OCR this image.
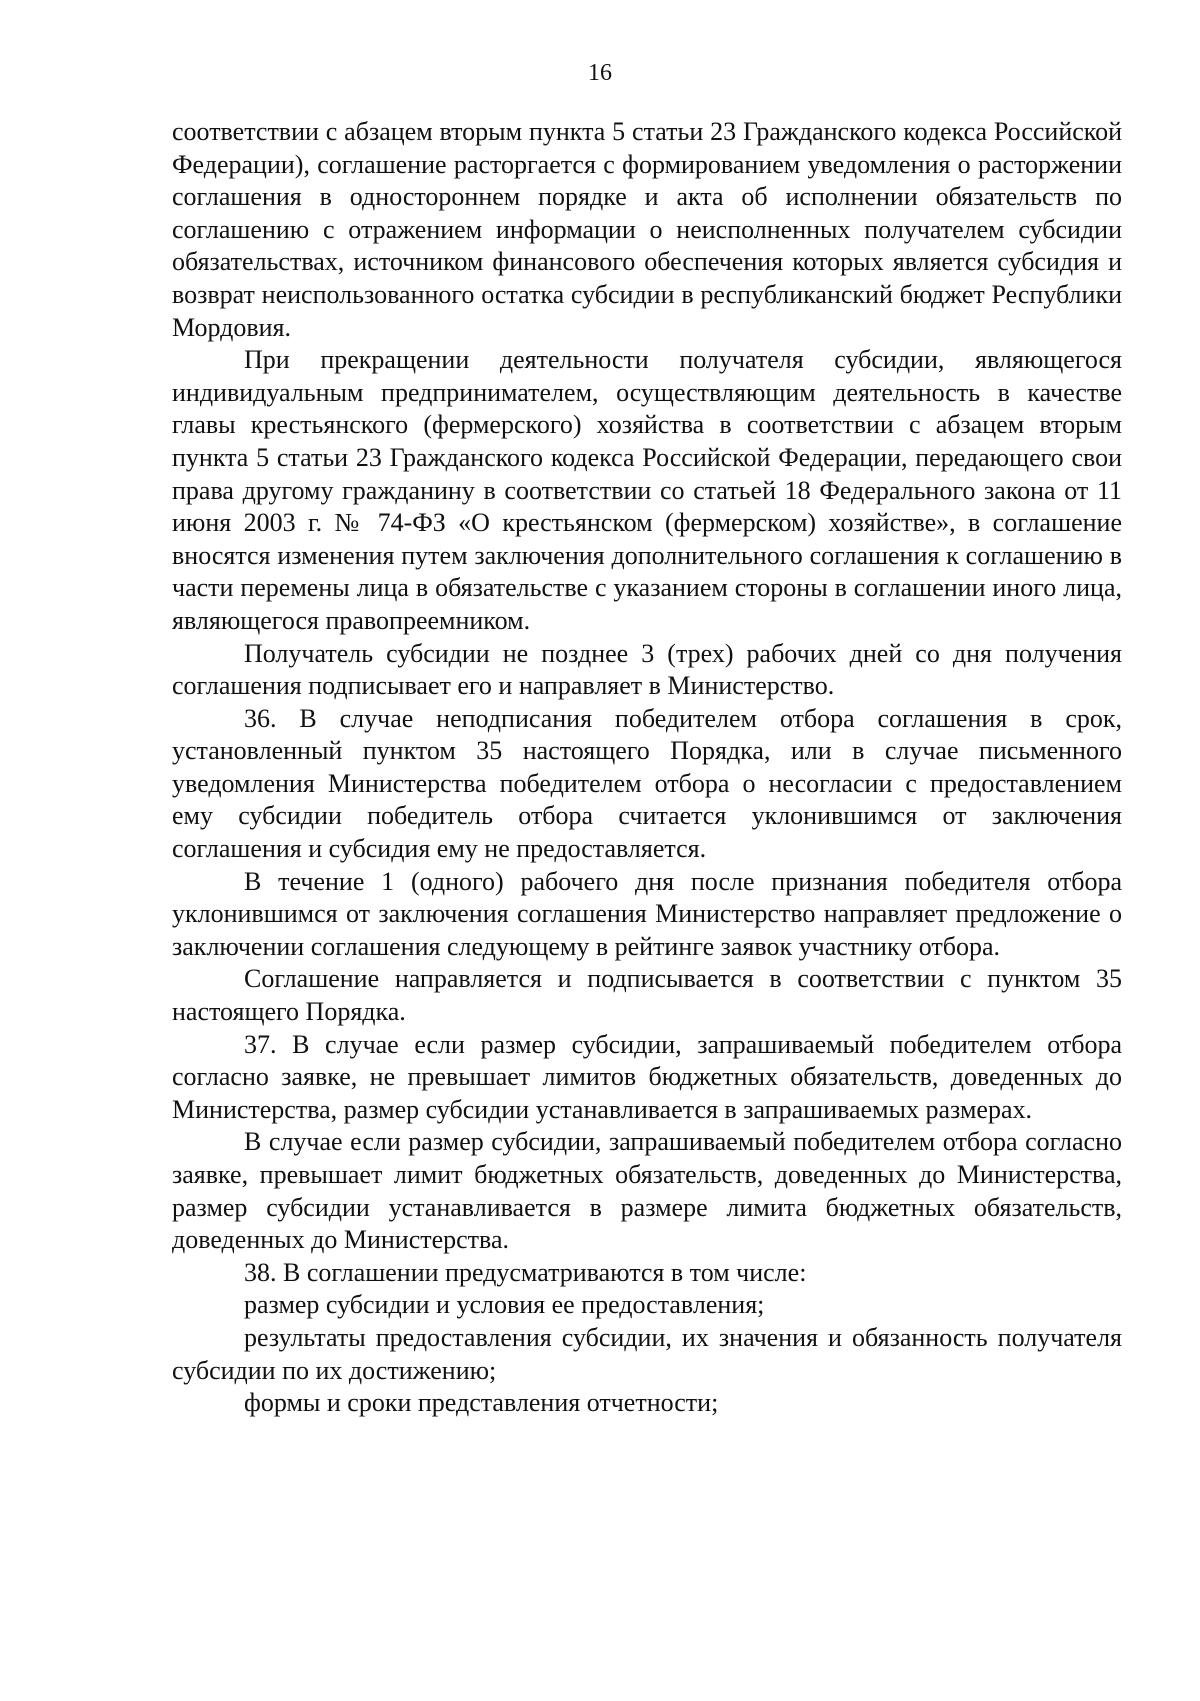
16

соответствии с абзацем вторым пункта 5 статьи 23 Гражданского кодекса Российской Федерации), соглашение расторгается с формированием уведомления о расторжении соглашения в одностороннем порядке и акта об исполнении обязательств по соглашению с отражением информации о неисполненных получателем субсидии обязательствах, источником финансового обеспечения которых является субсидия и возврат неиспользованного остатка субсидии в республиканский бюджет Республики Мордовия.

При прекращении деятельности получателя субсидии, являющегося индивидуальным предпринимателем, осуществляющим деятельность в качестве главы крестьянского (фермерского) хозяйства в соответствии с абзацем вторым пункта 5 статьи 23 Гражданского кодекса Российской Федерации, передающего свои права другому гражданину в соответствии со статьей 18 Федерального закона от 11 июня 2003 г. № 74-ФЗ «О крестьянском (фермерском) хозяйстве», в соглашение вносятся изменения путем заключения дополнительного соглашения к соглашению в части перемены лица в обязательстве с указанием стороны в соглашении иного лица, являющегося правопреемником.

Получатель субсидии не позднее 3 (трех) рабочих дней со дня получения соглашения подписывает его и направляет в Министерство.

36. В случае неподписания победителем отбора соглашения в срок, установленный пунктом 35 настоящего Порядка, или в случае письменного уведомления Министерства победителем отбора о несогласии с предоставлением ему субсидии победитель отбора считается уклонившимся от заключения соглашения и субсидия ему не предоставляется.

В течение 1 (одного) рабочего дня после признания победителя отбора уклонившимся от заключения соглашения Министерство направляет предложение о заключении соглашения следующему в рейтинге заявок участнику отбора.

Соглашение направляется и подписывается в соответствии с пунктом 35 настоящего Порядка.

37. В случае если размер субсидии, запрашиваемый победителем отбора согласно заявке, не превышает лимитов бюджетных обязательств, доведенных до Министерства, размер субсидии устанавливается в запрашиваемых размерах.

В случае если размер субсидии, запрашиваемый победителем отбора согласно заявке, превышает лимит бюджетных обязательств, доведенных до Министерства, размер субсидии устанавливается в размере лимита бюджетных обязательств, доведенных до Министерства.

38. В соглашении предусматриваются в том числе:

размер субсидии и условия ее предоставления;

результаты предоставления субсидии, их значения и обязанность получателя субсидии по их достижению;

формы и сроки представления отчетности;
